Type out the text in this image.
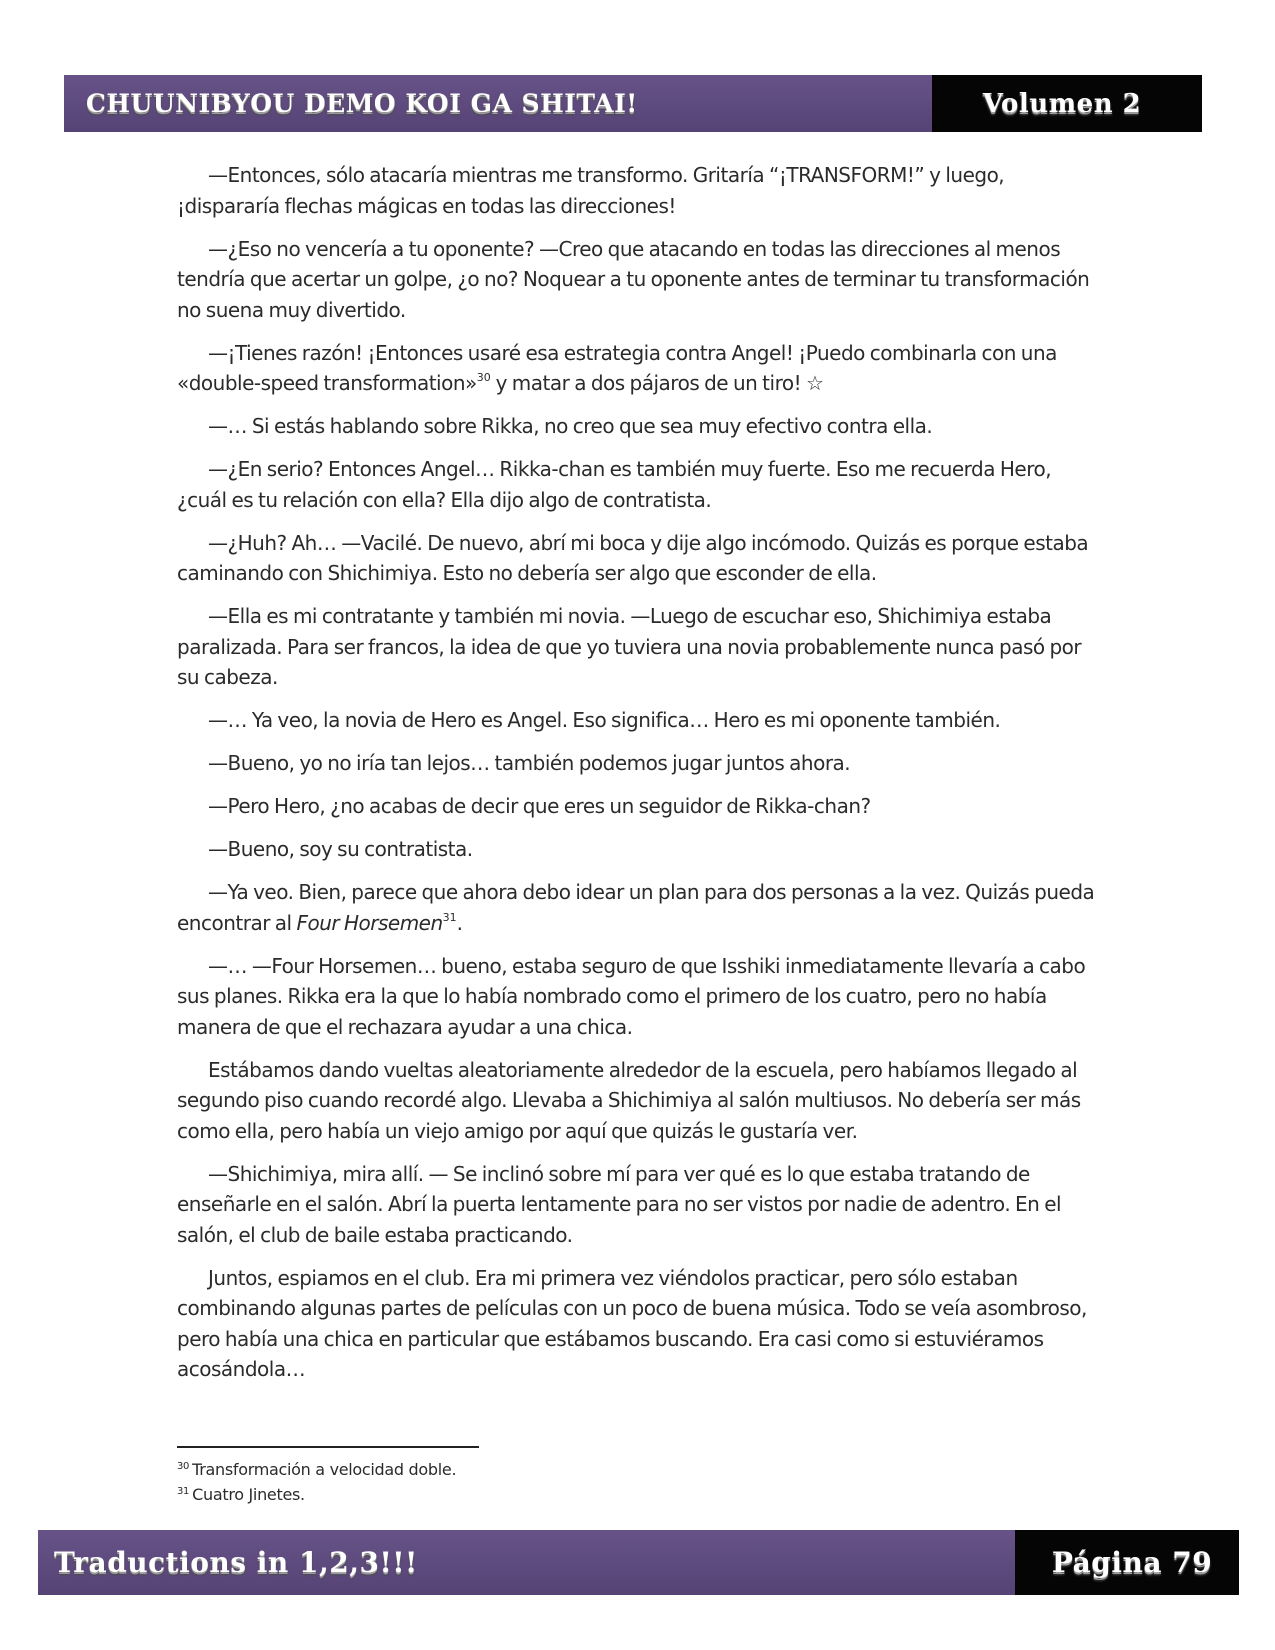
CHUUNIBYOU DEMO KOI GA SHITAI!	Volumen 2

—Entonces, sólo atacaría mientras me transformo. Gritaría “¡TRANSFORM!” y luego, ¡dispararía flechas mágicas en todas las direcciones!

—¿Eso no vencería a tu oponente? —Creo que atacando en todas las direcciones al menos tendría que acertar un golpe, ¿o no? Noquear a tu oponente antes de terminar tu transformación no suena muy divertido.

—¡Tienes razón! ¡Entonces usaré esa estrategia contra Angel! ¡Puedo combinarla con una «double-speed transformation»$^{30}$ y matar a dos pájaros de un tiro! ☆

—… Si estás hablando sobre Rikka, no creo que sea muy efectivo contra ella.

—¿En serio? Entonces Angel… Rikka-chan es también muy fuerte. Eso me recuerda Hero, ¿cuál es tu relación con ella? Ella dijo algo de contratista.

—¿Huh? Ah… —Vacilé. De nuevo, abrí mi boca y dije algo incómodo. Quizás es porque estaba caminando con Shichimiya. Esto no debería ser algo que esconder de ella.

—Ella es mi contratante y también mi novia. —Luego de escuchar eso, Shichimiya estaba paralizada. Para ser francos, la idea de que yo tuviera una novia probablemente nunca pasó por su cabeza.

—… Ya veo, la novia de Hero es Angel. Eso significa… Hero es mi oponente también.

—Bueno, yo no iría tan lejos… también podemos jugar juntos ahora.

—Pero Hero, ¿no acabas de decir que eres un seguidor de Rikka-chan?

—Bueno, soy su contratista.

—Ya veo. Bien, parece que ahora debo idear un plan para dos personas a la vez. Quizás pueda encontrar al Four Horsemen$^{31}$.

—… —Four Horsemen… bueno, estaba seguro de que Isshiki inmediatamente llevaría a cabo sus planes. Rikka era la que lo había nombrado como el primero de los cuatro, pero no había manera de que el rechazara ayudar a una chica.

Estábamos dando vueltas aleatoriamente alrededor de la escuela, pero habíamos llegado al segundo piso cuando recordé algo. Llevaba a Shichimiya al salón multiusos. No debería ser más como ella, pero había un viejo amigo por aquí que quizás le gustaría ver.

—Shichimiya, mira allí. — Se inclinó sobre mí para ver qué es lo que estaba tratando de enseñarle en el salón. Abrí la puerta lentamente para no ser vistos por nadie de adentro. En el salón, el club de baile estaba practicando.

Juntos, espiamos en el club. Era mi primera vez viéndolos practicar, pero sólo estaban combinando algunas partes de películas con un poco de buena música. Todo se veía asombroso, pero había una chica en particular que estábamos buscando. Era casi como si estuviéramos acosándola…

$^{30}$ Transformación a velocidad doble.
$^{31}$ Cuatro Jinetes.
Traductions in 1,2,3!!!	Página 79
